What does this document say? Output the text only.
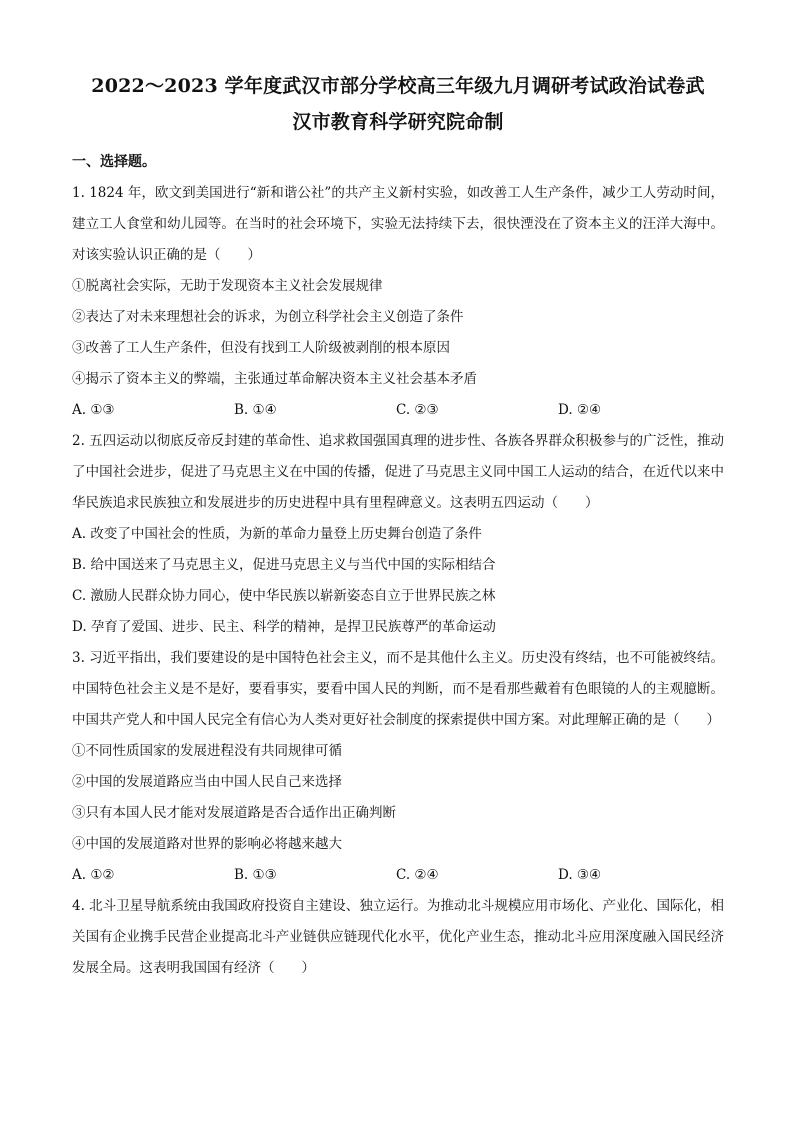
2022～2023 学年度武汉市部分学校高三年级九月调研考试政治试卷武
汉市教育科学研究院命制
一、选择题。

1. 1824 年，欧文到美国进行“新和谐公社”的共产主义新村实验，如改善工人生产条件，减少工人劳动时间，建立工人食堂和幼儿园等。在当时的社会环境下，实验无法持续下去，很快湮没在了资本主义的汪洋大海中。对该实验认识正确的是（　　）

①脱离社会实际，无助于发现资本主义社会发展规律

②表达了对未来理想社会的诉求，为创立科学社会主义创造了条件

③改善了工人生产条件，但没有找到工人阶级被剥削的根本原因

④揭示了资本主义的弊端，主张通过革命解决资本主义社会基本矛盾

A. ①③	B. ①④	C. ②③	D. ②④

2. 五四运动以彻底反帝反封建的革命性、追求救国强国真理的进步性、各族各界群众积极参与的广泛性，推动了中国社会进步，促进了马克思主义在中国的传播，促进了马克思主义同中国工人运动的结合，在近代以来中华民族追求民族独立和发展进步的历史进程中具有里程碑意义。这表明五四运动（　　）

A. 改变了中国社会的性质，为新的革命力量登上历史舞台创造了条件

B. 给中国送来了马克思主义，促进马克思主义与当代中国的实际相结合

C. 激励人民群众协力同心，使中华民族以崭新姿态自立于世界民族之林

D. 孕育了爱国、进步、民主、科学的精神，是捍卫民族尊严的革命运动

3. 习近平指出，我们要建设的是中国特色社会主义，而不是其他什么主义。历史没有终结，也不可能被终结。中国特色社会主义是不是好，要看事实，要看中国人民的判断，而不是看那些戴着有色眼镜的人的主观臆断。中国共产党人和中国人民完全有信心为人类对更好社会制度的探索提供中国方案。对此理解正确的是（　　）

①不同性质国家的发展进程没有共同规律可循

②中国的发展道路应当由中国人民自己来选择

③只有本国人民才能对发展道路是否合适作出正确判断

④中国的发展道路对世界的影响必将越来越大

A. ①②	B. ①③	C. ②④	D. ③④

4. 北斗卫星导航系统由我国政府投资自主建设、独立运行。为推动北斗规模应用市场化、产业化、国际化，相关国有企业携手民营企业提高北斗产业链供应链现代化水平，优化产业生态，推动北斗应用深度融入国民经济发展全局。这表明我国国有经济（　　）
